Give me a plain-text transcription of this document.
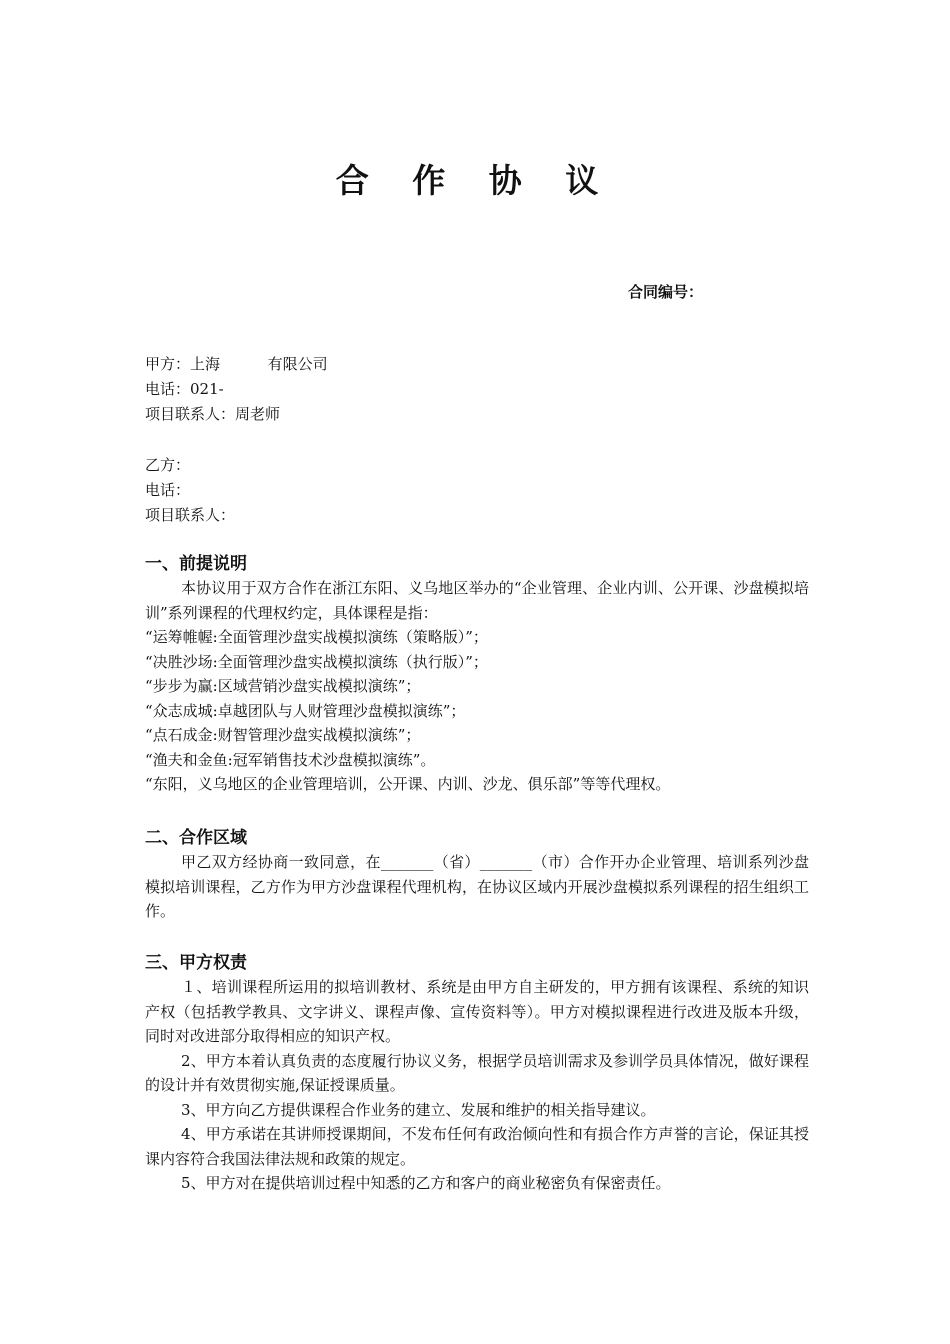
合 作 协 议
合同编号：
甲方：上海          有限公司
电话：021-
项目联系人：周老师
乙方：
电话：
项目联系人：
一、前提说明
本协议用于双方合作在浙江东阳、义乌地区举办的“企业管理、企业内训、公开课、沙盘模拟培训”系列课程的代理权约定，具体课程是指：
“运筹帷幄:全面管理沙盘实战模拟演练（策略版）”；
“决胜沙场:全面管理沙盘实战模拟演练（执行版）”；
“步步为赢:区域营销沙盘实战模拟演练”；
“众志成城:卓越团队与人财管理沙盘模拟演练”；
“点石成金:财智管理沙盘实战模拟演练”；
“渔夫和金鱼:冠军销售技术沙盘模拟演练”。
“东阳，义乌地区的企业管理培训，公开课、内训、沙龙、俱乐部”等等代理权。
二、合作区域
甲乙双方经协商一致同意，在_______（省）_______（市）合作开办企业管理、培训系列沙盘模拟培训课程，乙方作为甲方沙盘课程代理机构，在协议区域内开展沙盘模拟系列课程的招生组织工作。
三、甲方权责
１、培训课程所运用的拟培训教材、系统是由甲方自主研发的，甲方拥有该课程、系统的知识产权（包括教学教具、文字讲义、课程声像、宣传资料等）。甲方对模拟课程进行改进及版本升级，同时对改进部分取得相应的知识产权。
2、甲方本着认真负责的态度履行协议义务，根据学员培训需求及参训学员具体情况，做好课程的设计并有效贯彻实施,保证授课质量。
3、甲方向乙方提供课程合作业务的建立、发展和维护的相关指导建议。
4、甲方承诺在其讲师授课期间，不发布任何有政治倾向性和有损合作方声誉的言论，保证其授课内容符合我国法律法规和政策的规定。
5、甲方对在提供培训过程中知悉的乙方和客户的商业秘密负有保密责任。
